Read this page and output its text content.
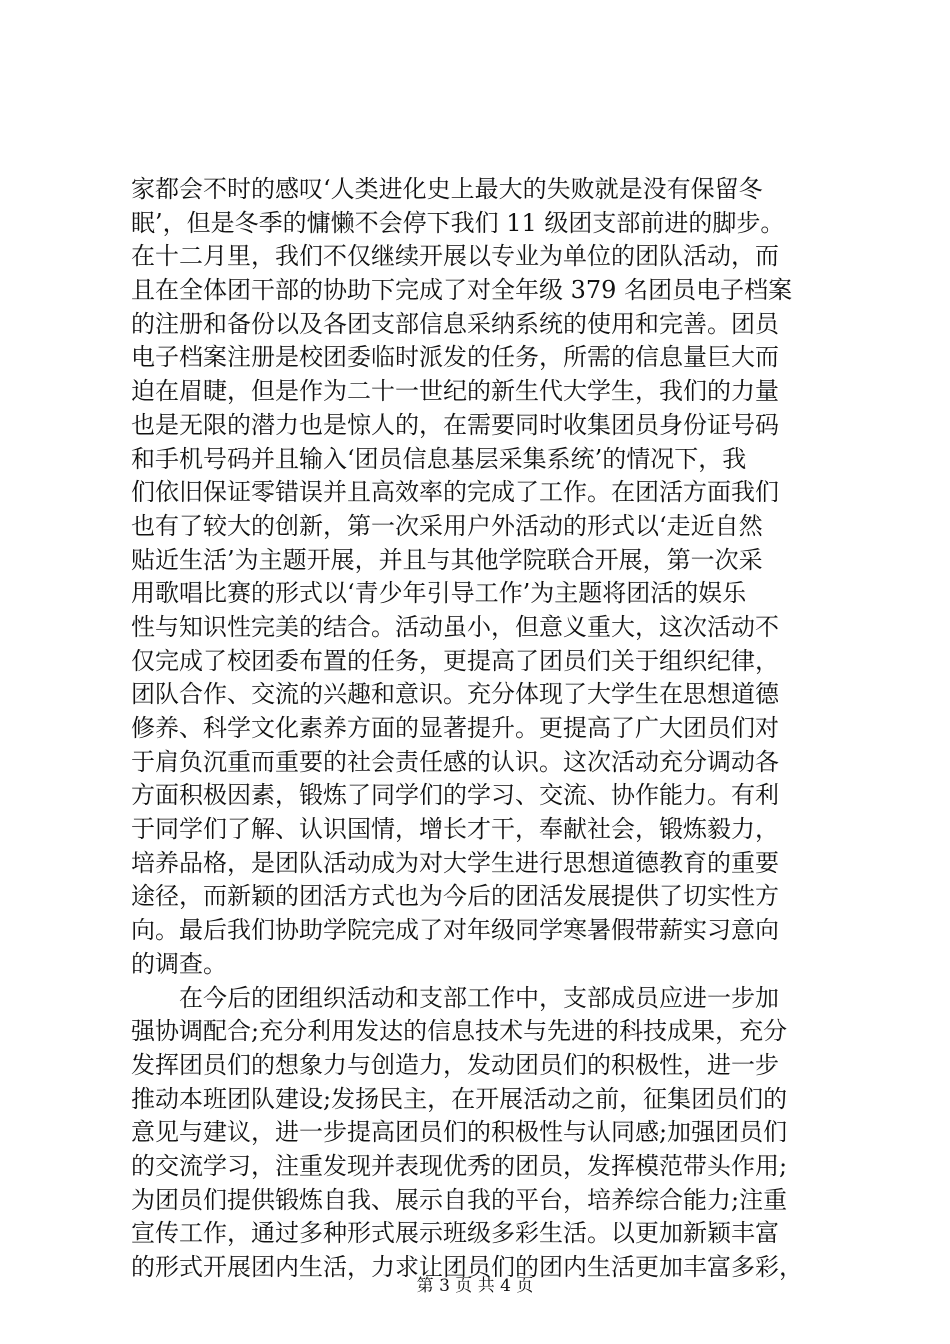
家都会不时的感叹‘人类进化史上最大的失败就是没有保留冬
眠’，但是冬季的慵懒不会停下我们 11 级团支部前进的脚步。
在十二月里，我们不仅继续开展以专业为单位的团队活动，而
且在全体团干部的协助下完成了对全年级 379 名团员电子档案
的注册和备份以及各团支部信息采纳系统的使用和完善。团员
电子档案注册是校团委临时派发的任务，所需的信息量巨大而
迫在眉睫，但是作为二十一世纪的新生代大学生，我们的力量
也是无限的潜力也是惊人的，在需要同时收集团员身份证号码
和手机号码并且输入‘团员信息基层采集系统’的情况下，我
们依旧保证零错误并且高效率的完成了工作。在团活方面我们
也有了较大的创新，第一次采用户外活动的形式以‘走近自然
贴近生活’为主题开展，并且与其他学院联合开展，第一次采
用歌唱比赛的形式以‘青少年引导工作’为主题将团活的娱乐
性与知识性完美的结合。活动虽小，但意义重大，这次活动不
仅完成了校团委布置的任务，更提高了团员们关于组织纪律，
团队合作、交流的兴趣和意识。充分体现了大学生在思想道德
修养、科学文化素养方面的显著提升。更提高了广大团员们对
于肩负沉重而重要的社会责任感的认识。这次活动充分调动各
方面积极因素，锻炼了同学们的学习、交流、协作能力。有利
于同学们了解、认识国情，增长才干，奉献社会，锻炼毅力，
培养品格，是团队活动成为对大学生进行思想道德教育的重要
途径，而新颖的团活方式也为今后的团活发展提供了切实性方
向。最后我们协助学院完成了对年级同学寒暑假带薪实习意向
的调查。
　　在今后的团组织活动和支部工作中，支部成员应进一步加
强协调配合;充分利用发达的信息技术与先进的科技成果，充分
发挥团员们的想象力与创造力，发动团员们的积极性，进一步
推动本班团队建设;发扬民主，在开展活动之前，征集团员们的
意见与建议，进一步提高团员们的积极性与认同感;加强团员们
的交流学习，注重发现并表现优秀的团员，发挥模范带头作用;
为团员们提供锻炼自我、展示自我的平台，培养综合能力;注重
宣传工作，通过多种形式展示班级多彩生活。以更加新颖丰富
的形式开展团内生活，力求让团员们的团内生活更加丰富多彩，
第 3 页 共 4 页
